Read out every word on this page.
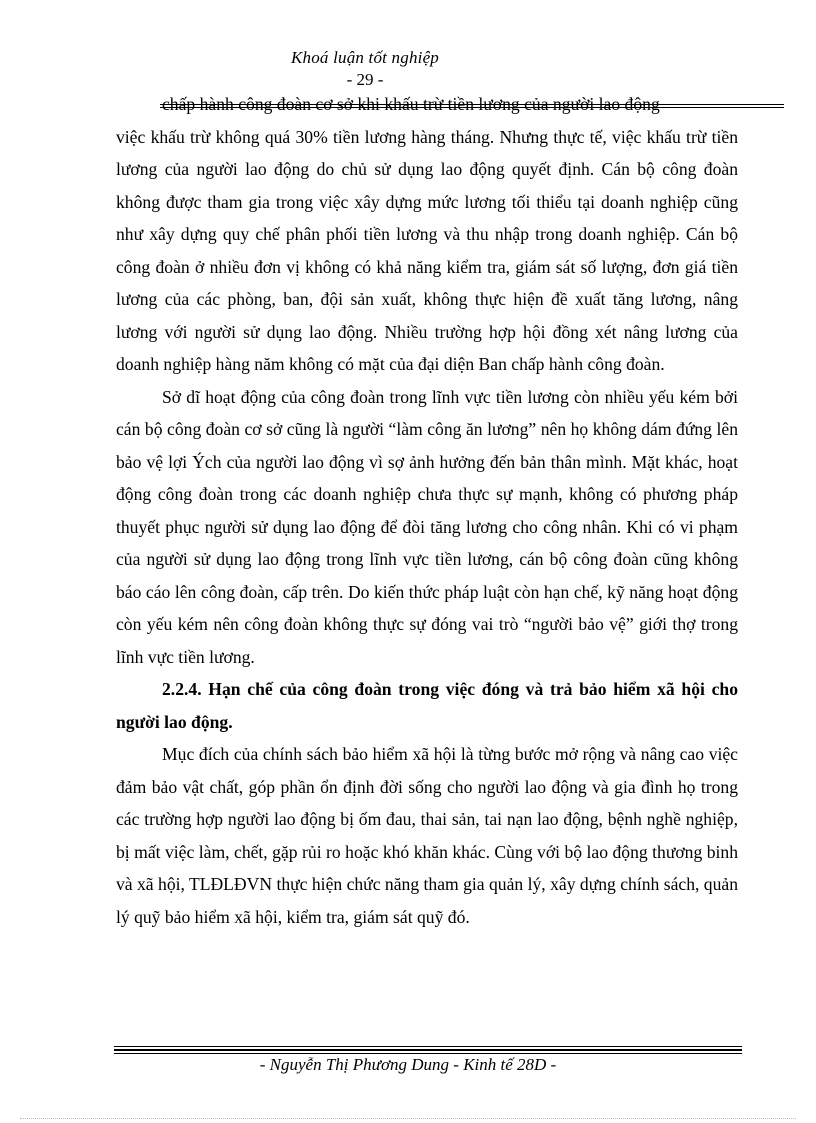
Khoá luận tốt nghiệp
- 29 -
chấp hành công đoàn cơ sở khi khấu trừ tiền lương của người lao động

việc khấu trừ không quá 30% tiền lương hàng tháng. Nhưng thực tế, việc khấu trừ tiền lương của người lao động do chủ sử dụng lao động quyết định. Cán bộ công đoàn không được tham gia trong việc xây dựng mức lương tối thiểu tại doanh nghiệp cũng như xây dựng quy chế phân phối tiền lương và thu nhập trong doanh nghiệp. Cán bộ công đoàn ở nhiều đơn vị không có khả năng kiểm tra, giám sát số lượng, đơn giá tiền lương của các phòng, ban, đội sản xuất, không thực hiện đề xuất tăng lương, nâng lương với người sử dụng lao động. Nhiều trường hợp hội đồng xét nâng lương của doanh nghiệp hàng năm không có mặt của đại diện Ban chấp hành công đoàn.

Sở dĩ hoạt động của công đoàn trong lĩnh vực tiền lương còn nhiều yếu kém bởi cán bộ công đoàn cơ sở cũng là người “làm công ăn lương” nên họ không dám đứng lên bảo vệ lợi Ých của người lao động vì sợ ảnh hưởng đến bản thân mình. Mặt khác, hoạt động công đoàn trong các doanh nghiệp chưa thực sự mạnh, không có phương pháp thuyết phục người sử dụng lao động để đòi tăng lương cho công nhân. Khi có vi phạm của người sử dụng lao động trong lĩnh vực tiền lương, cán bộ công đoàn cũng không báo cáo lên công đoàn, cấp trên. Do kiến thức pháp luật còn hạn chế, kỹ năng hoạt động còn yếu kém nên công đoàn không thực sự đóng vai trò “người bảo vệ” giới thợ trong lĩnh vực tiền lương.

2.2.4. Hạn chế của công đoàn trong việc đóng và trả bảo hiểm xã hội cho người lao động.

Mục đích của chính sách bảo hiểm xã hội là từng bước mở rộng và nâng cao việc đảm bảo vật chất, góp phần ổn định đời sống cho người lao động và gia đình họ trong các trường hợp người lao động bị ốm đau, thai sản, tai nạn lao động, bệnh nghề nghiệp, bị mất việc làm, chết, gặp rủi ro hoặc khó khăn khác. Cùng với bộ lao động thương binh và xã hội, TLĐLĐVN thực hiện chức năng tham gia quản lý, xây dựng chính sách, quản lý quỹ bảo hiểm xã hội, kiểm tra, giám sát quỹ đó.

- Nguyễn Thị Phương Dung - Kinh tế 28D -
